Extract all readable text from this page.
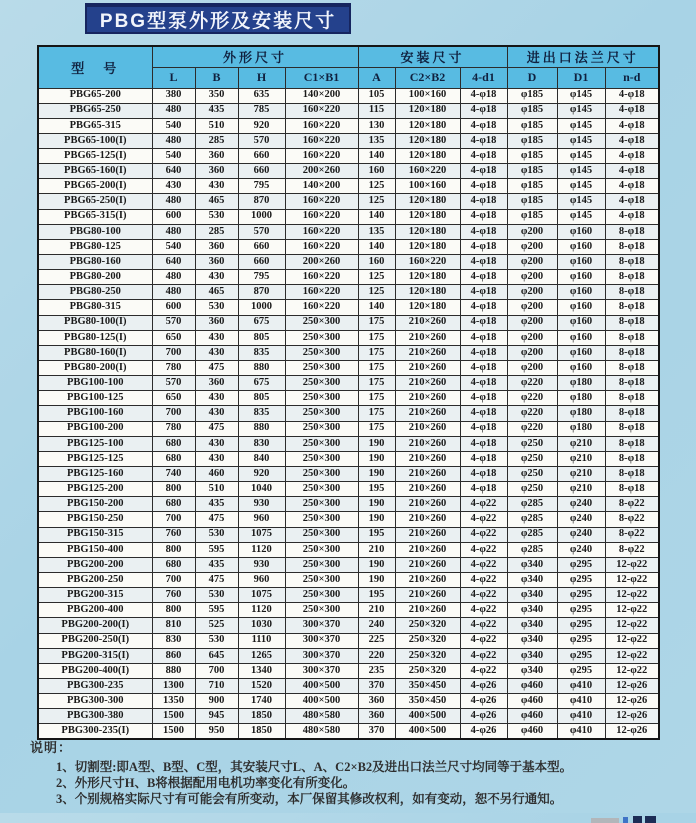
PBG型泵外形及安装尺寸
型　号	外形尺寸				安装尺寸			进出口法兰尺寸		
	L	B	H	C1×B1	A	C2×B2	4-d1	D	D1	n-d
PBG65-200	380	350	635	140×200	105	100×160	4-φ18	φ185	φ145	4-φ18
PBG65-250	480	435	785	160×220	115	120×180	4-φ18	φ185	φ145	4-φ18
PBG65-315	540	510	920	160×220	130	120×180	4-φ18	φ185	φ145	4-φ18
PBG65-100(I)	480	285	570	160×220	135	120×180	4-φ18	φ185	φ145	4-φ18
PBG65-125(I)	540	360	660	160×220	140	120×180	4-φ18	φ185	φ145	4-φ18
PBG65-160(I)	640	360	660	200×260	160	160×220	4-φ18	φ185	φ145	4-φ18
PBG65-200(I)	430	430	795	140×200	125	100×160	4-φ18	φ185	φ145	4-φ18
PBG65-250(I)	480	465	870	160×220	125	120×180	4-φ18	φ185	φ145	4-φ18
PBG65-315(I)	600	530	1000	160×220	140	120×180	4-φ18	φ185	φ145	4-φ18
PBG80-100	480	285	570	160×220	135	120×180	4-φ18	φ200	φ160	8-φ18
PBG80-125	540	360	660	160×220	140	120×180	4-φ18	φ200	φ160	8-φ18
PBG80-160	640	360	660	200×260	160	160×220	4-φ18	φ200	φ160	8-φ18
PBG80-200	480	430	795	160×220	125	120×180	4-φ18	φ200	φ160	8-φ18
PBG80-250	480	465	870	160×220	125	120×180	4-φ18	φ200	φ160	8-φ18
PBG80-315	600	530	1000	160×220	140	120×180	4-φ18	φ200	φ160	8-φ18
PBG80-100(I)	570	360	675	250×300	175	210×260	4-φ18	φ200	φ160	8-φ18
PBG80-125(I)	650	430	805	250×300	175	210×260	4-φ18	φ200	φ160	8-φ18
PBG80-160(I)	700	430	835	250×300	175	210×260	4-φ18	φ200	φ160	8-φ18
PBG80-200(I)	780	475	880	250×300	175	210×260	4-φ18	φ200	φ160	8-φ18
PBG100-100	570	360	675	250×300	175	210×260	4-φ18	φ220	φ180	8-φ18
PBG100-125	650	430	805	250×300	175	210×260	4-φ18	φ220	φ180	8-φ18
PBG100-160	700	430	835	250×300	175	210×260	4-φ18	φ220	φ180	8-φ18
PBG100-200	780	475	880	250×300	175	210×260	4-φ18	φ220	φ180	8-φ18
PBG125-100	680	430	830	250×300	190	210×260	4-φ18	φ250	φ210	8-φ18
PBG125-125	680	430	840	250×300	190	210×260	4-φ18	φ250	φ210	8-φ18
PBG125-160	740	460	920	250×300	190	210×260	4-φ18	φ250	φ210	8-φ18
PBG125-200	800	510	1040	250×300	195	210×260	4-φ18	φ250	φ210	8-φ18
PBG150-200	680	435	930	250×300	190	210×260	4-φ22	φ285	φ240	8-φ22
PBG150-250	700	475	960	250×300	190	210×260	4-φ22	φ285	φ240	8-φ22
PBG150-315	760	530	1075	250×300	195	210×260	4-φ22	φ285	φ240	8-φ22
PBG150-400	800	595	1120	250×300	210	210×260	4-φ22	φ285	φ240	8-φ22
PBG200-200	680	435	930	250×300	190	210×260	4-φ22	φ340	φ295	12-φ22
PBG200-250	700	475	960	250×300	190	210×260	4-φ22	φ340	φ295	12-φ22
PBG200-315	760	530	1075	250×300	195	210×260	4-φ22	φ340	φ295	12-φ22
PBG200-400	800	595	1120	250×300	210	210×260	4-φ22	φ340	φ295	12-φ22
PBG200-200(I)	810	525	1030	300×370	240	250×320	4-φ22	φ340	φ295	12-φ22
PBG200-250(I)	830	530	1110	300×370	225	250×320	4-φ22	φ340	φ295	12-φ22
PBG200-315(I)	860	645	1265	300×370	220	250×320	4-φ22	φ340	φ295	12-φ22
PBG200-400(I)	880	700	1340	300×370	235	250×320	4-φ22	φ340	φ295	12-φ22
PBG300-235	1300	710	1520	400×500	370	350×450	4-φ26	φ460	φ410	12-φ26
PBG300-300	1350	900	1740	400×500	360	350×450	4-φ26	φ460	φ410	12-φ26
PBG300-380	1500	945	1850	480×580	360	400×500	4-φ26	φ460	φ410	12-φ26
PBG300-235(I)	1500	950	1850	480×580	370	400×500	4-φ26	φ460	φ410	12-φ26
说明：
1、切割型:即A型、B型、C型，其安装尺寸L、A、C2×B2及进出口法兰尺寸均同等于基本型。
2、外形尺寸H、B将根据配用电机功率变化有所变化。
3、个别规格实际尺寸有可能会有所变动，本厂保留其修改权利，如有变动，恕不另行通知。
